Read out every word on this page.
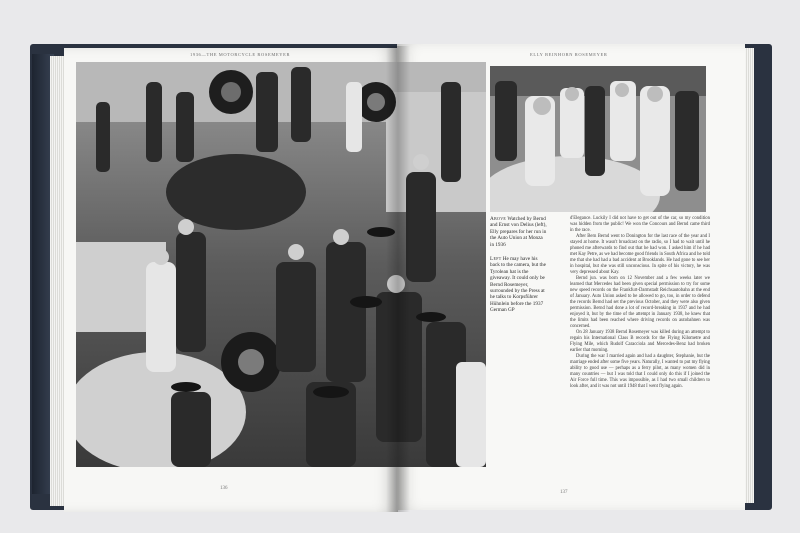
1936—THE MOTORCYCLE ROSEMEYER	ELLY BEINHORN ROSEMEYER
Above Watched by Bernd and Ernst von Delius (left), Elly prepares for her run in the Auto Union at Monza in 1936
Left He may have his back to the camera, but the Tyrolean hat is the giveaway. It could only be Bernd Rosemeyer, surrounded by the Press at he talks to Korpsführer Hühnlein before the 1937 German GP

d'Elegance. Luckily I did not have to get out of the car, so my condition was hidden from the public! We won the Concours and Bernd came third in the race.

After Bern Bernd went to Donington for the last race of the year and I stayed at home. It wasn't broadcast on the radio, so I had to wait until he phoned me afterwards to find out that he had won. I asked him if he had met Kay Petre, as we had become good friends in South Africa and he told me that she had had a bad accident at Brooklands. He had gone to see her in hospital, but she was still unconscious. In spite of his victory, he was very depressed about Kay.

Bernd jun. was born on 12 November and a few weeks later we learned that Mercedes had been given special permission to try for some new speed records on the Frankfurt-Darmstadt Reichsautobahn at the end of January. Auto Union asked to be allowed to go, too, in order to defend the records Bernd had set the previous October, and they were also given permission. Bernd had done a lot of record-breaking in 1937 and he had enjoyed it, but by the time of the attempt in January 1938, he knew that the limits had been reached where driving records on autobahnen was concerned.

On 28 January 1938 Bernd Rosemeyer was killed during an attempt to regain his International Class B records for the Flying Kilometre and Flying Mile, which Rudolf Caracciola and Mercedes-Benz had broken earlier that morning.

During the war I married again and had a daughter, Stephanie, but the marriage ended after some five years. Naturally, I wanted to put my flying ability to good use — perhaps as a ferry pilot, as many women did in many countries — but I was told that I could only do this if I joined the Air Force full time. This was impossible, as I had two small children to look after, and it was not until 1948 that I went flying again.

136
137
